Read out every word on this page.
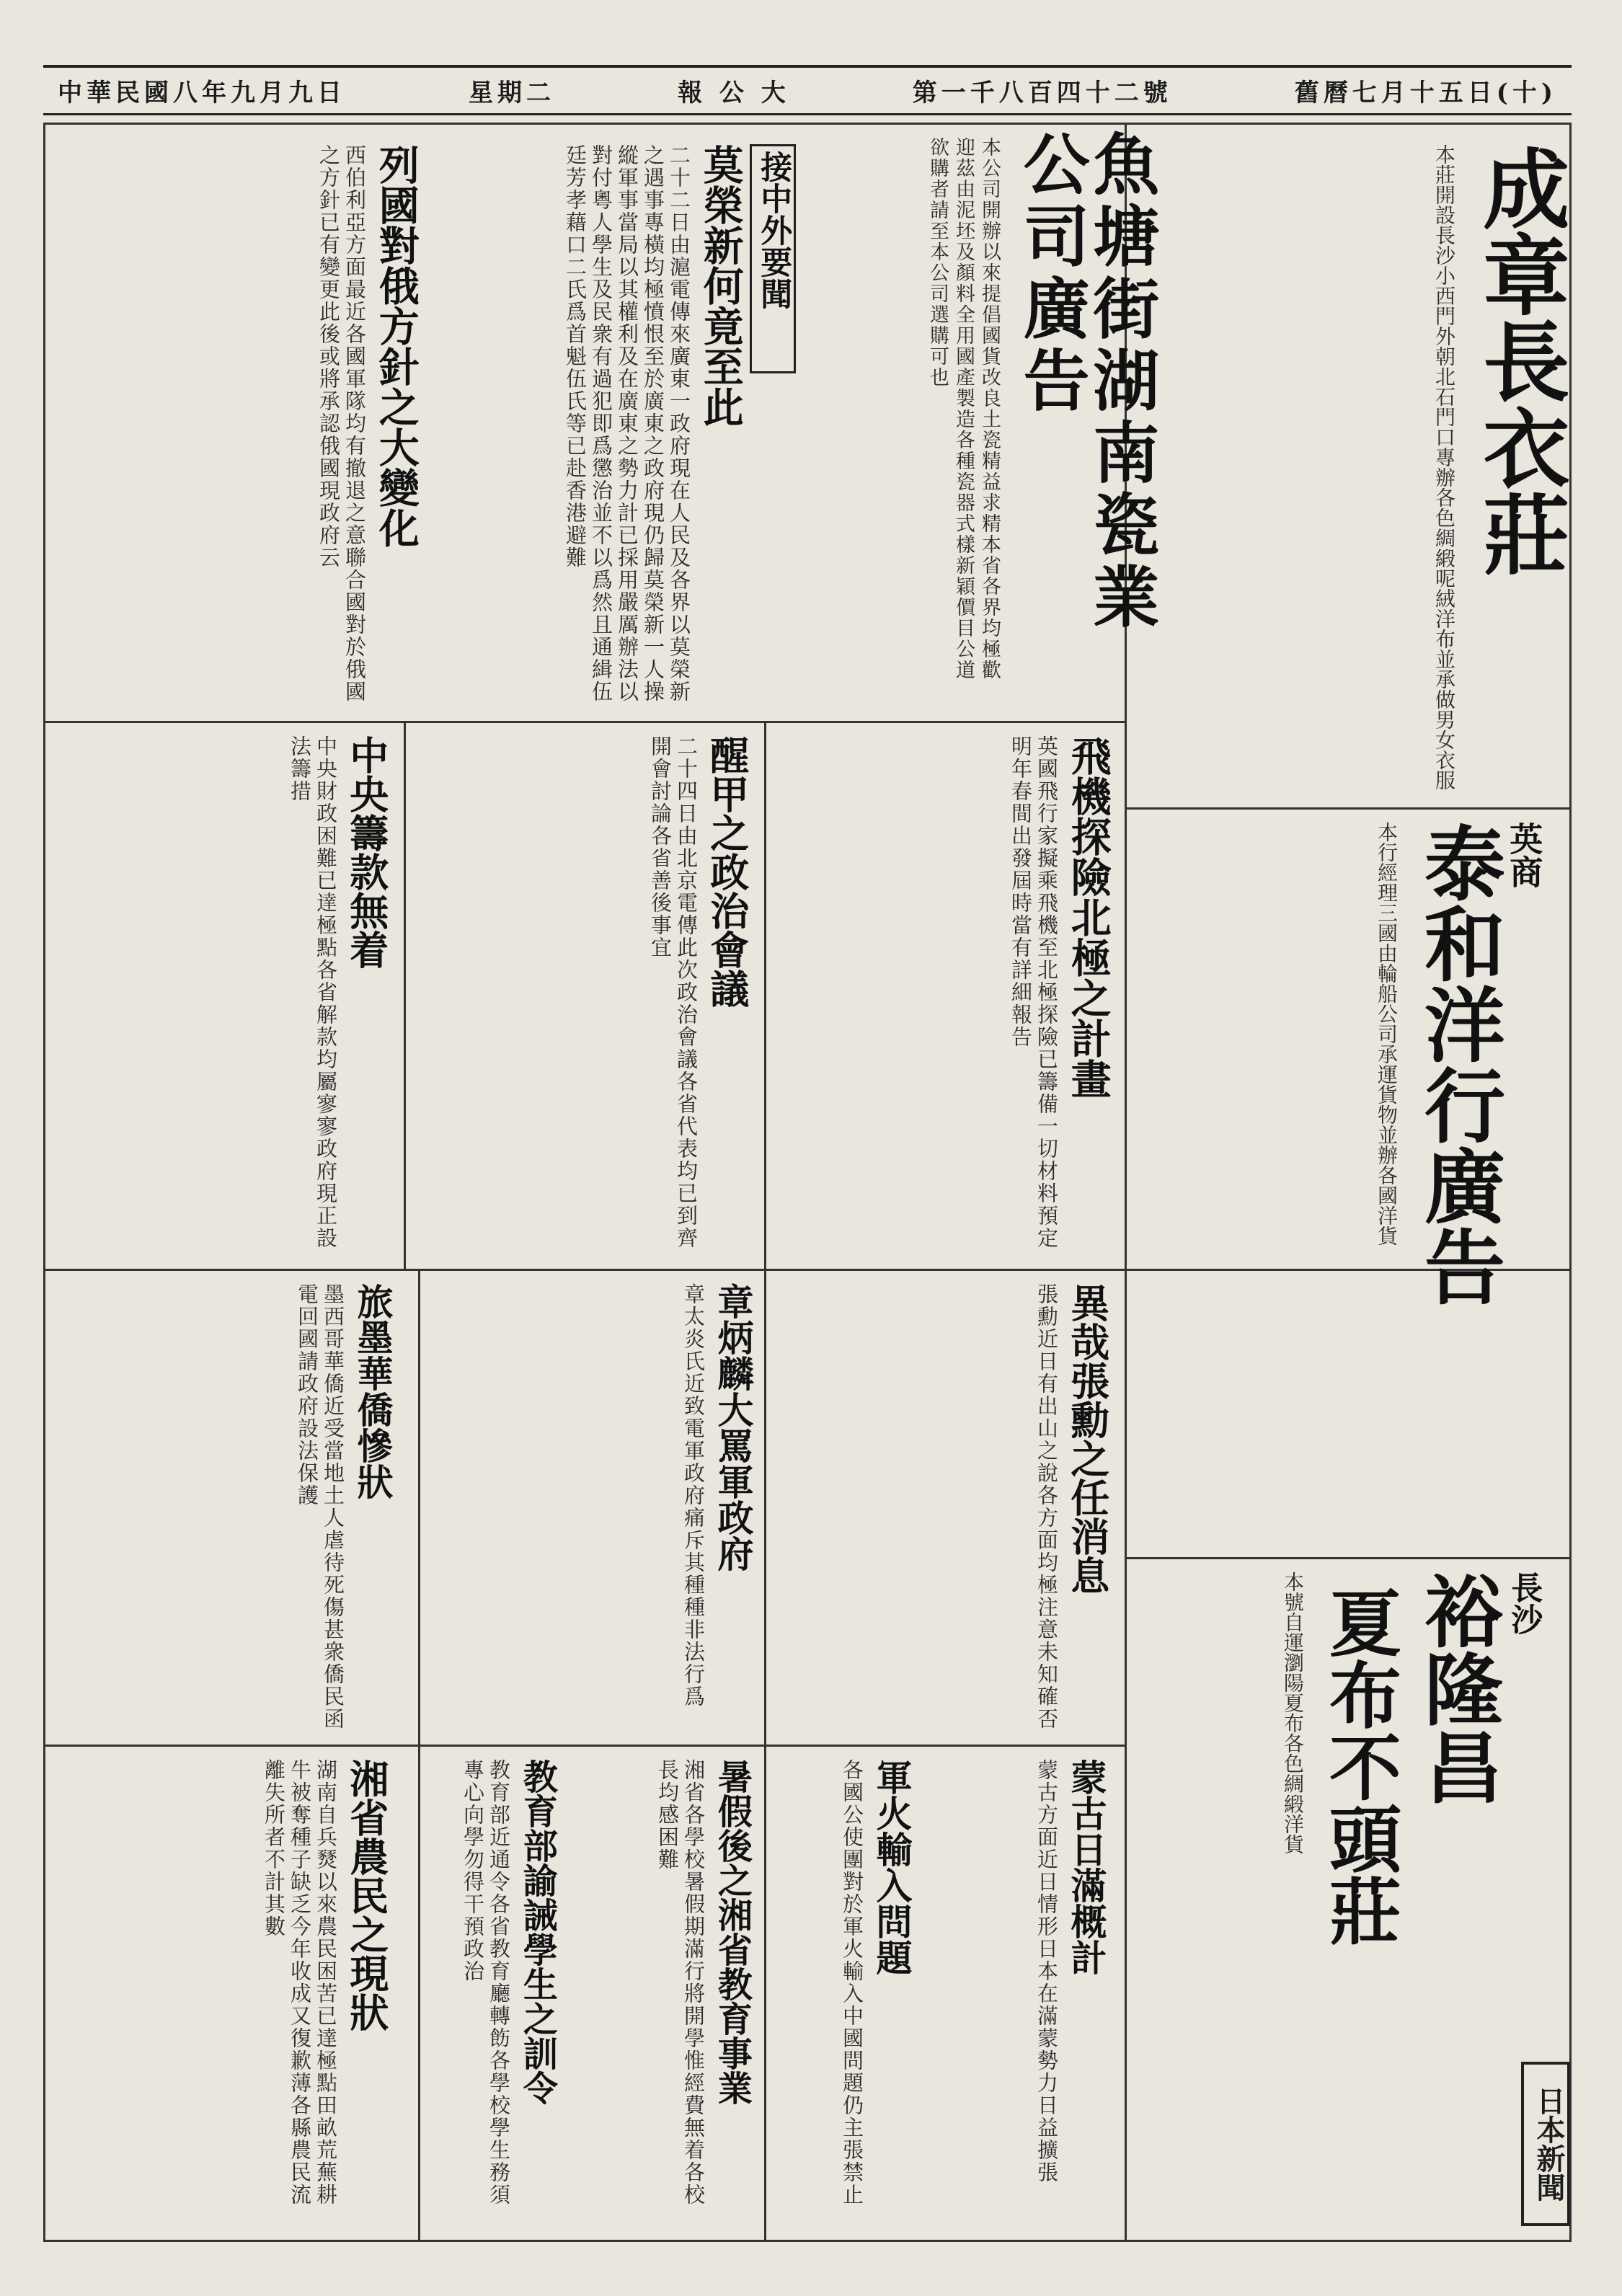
中華民國八年九月九日	星期二	報 公 大	第一千八百四十二號	舊曆七月十五日(十)
魚塘街湖南瓷業公司廣告
本公司開辦以來提倡國貨改良土瓷精益求精本省各界均極歡迎茲由泥坯及顏料全用國產製造各種瓷器式樣新穎價目公道欲購者請至本公司選購可也
接中外要聞
莫榮新何竟至此
二十二日由滬電傳來廣東一政府現在人民及各界以莫榮新之遇事專橫均極憤恨至於廣東之政府現仍歸莫榮新一人操縱軍事當局以其權利及在廣東之勢力計已採用嚴厲辦法以對付粵人學生及民衆有過犯即爲懲治並不以爲然且通緝伍廷芳孝藉口二氏爲首魁伍氏等已赴香港避難
列國對俄方針之大變化
西伯利亞方面最近各國軍隊均有撤退之意聯合國對於俄國之方針已有變更此後或將承認俄國現政府云
飛機探險北極之計畫
英國飛行家擬乘飛機至北極探險已籌備一切材料預定明年春間出發屆時當有詳細報告
醒甲之政治會議
二十四日由北京電傳此次政治會議各省代表均已到齊開會討論各省善後事宜
中央籌款無着
中央財政困難已達極點各省解款均屬寥寥政府現正設法籌措
異哉張勳之任消息
張勳近日有出山之說各方面均極注意未知確否
章炳麟大罵軍政府
章太炎氏近致電軍政府痛斥其種種非法行爲
旅墨華僑慘狀
墨西哥華僑近受當地土人虐待死傷甚衆僑民函電回國請政府設法保護
蒙古日滿概計
蒙古方面近日情形日本在滿蒙勢力日益擴張
軍火輸入問題
各國公使團對於軍火輸入中國問題仍主張禁止
湘省農民之現狀
湖南自兵燹以來農民困苦已達極點田畝荒蕪耕牛被奪種子缺乏今年收成又復歉薄各縣農民流離失所者不計其數	暑假後之湘省教育事業
湘省各學校暑假期滿行將開學惟經費無着各校長均感困難
教育部諭誡學生之訓令
教育部近通令各省教育廳轉飭各學校學生務須專心向學勿得干預政治
成章長衣莊
本莊開設長沙小西門外朝北石門口專辦各色綢緞呢絨洋布並承做男女衣服
英商
泰和洋行廣告
本行經理三國由輪船公司承運貨物並辦各國洋貨
長沙
裕隆昌
夏布不頭莊
本號自運瀏陽夏布各色綢緞洋貨
日本新聞
